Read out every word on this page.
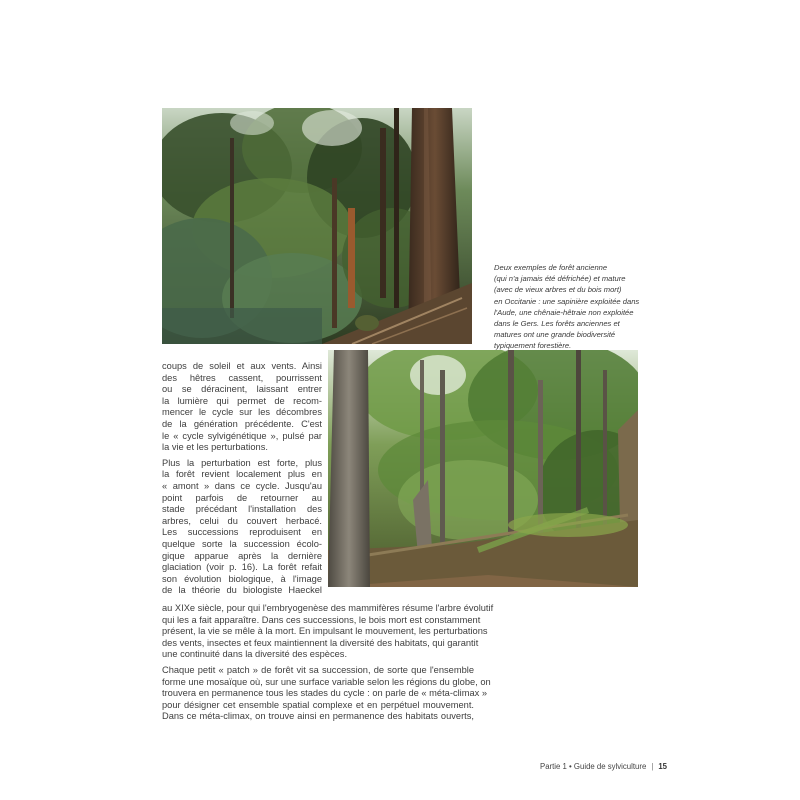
Deux exemples de forêt ancienne
(qui n'a jamais été défrichée) et mature
(avec de vieux arbres et du bois mort)
en Occitanie : une sapinière exploitée dans
l'Aude, une chênaie-hêtraie non exploitée
dans le Gers. Les forêts anciennes et
matures ont une grande biodiversité
typiquement forestière.
coups de soleil et aux vents. Ainsi
des hêtres cassent, pourrissent
ou se déracinent, laissant entrer
la lumière qui permet de recom-
mencer le cycle sur les décombres
de la génération précédente. C'est
le « cycle sylvigénétique », pulsé par
la vie et les perturbations.
Plus la perturbation est forte, plus
la forêt revient localement plus en
« amont » dans ce cycle. Jusqu'au
point parfois de retourner au
stade précédant l'installation des
arbres, celui du couvert herbacé.
Les successions reproduisent en
quelque sorte la succession écolo-
gique apparue après la dernière
glaciation (voir p. 16). La forêt refait
son évolution biologique, à l'image
de la théorie du biologiste Haeckel
au XIXe siècle, pour qui l'embryogenèse des mammifères résume l'arbre évolutif
qui les a fait apparaître. Dans ces successions, le bois mort est constamment
présent, la vie se mêle à la mort. En impulsant le mouvement, les perturbations
des vents, insectes et feux maintiennent la diversité des habitats, qui garantit
une continuité dans la diversité des espèces.
Chaque petit « patch » de forêt vit sa succession, de sorte que l'ensemble
forme une mosaïque où, sur une surface variable selon les régions du globe, on
trouvera en permanence tous les stades du cycle : on parle de « méta-climax »
pour désigner cet ensemble spatial complexe et en perpétuel mouvement.
Dans ce méta-climax, on trouve ainsi en permanence des habitats ouverts,
Partie 1 • Guide de sylviculture | 15
